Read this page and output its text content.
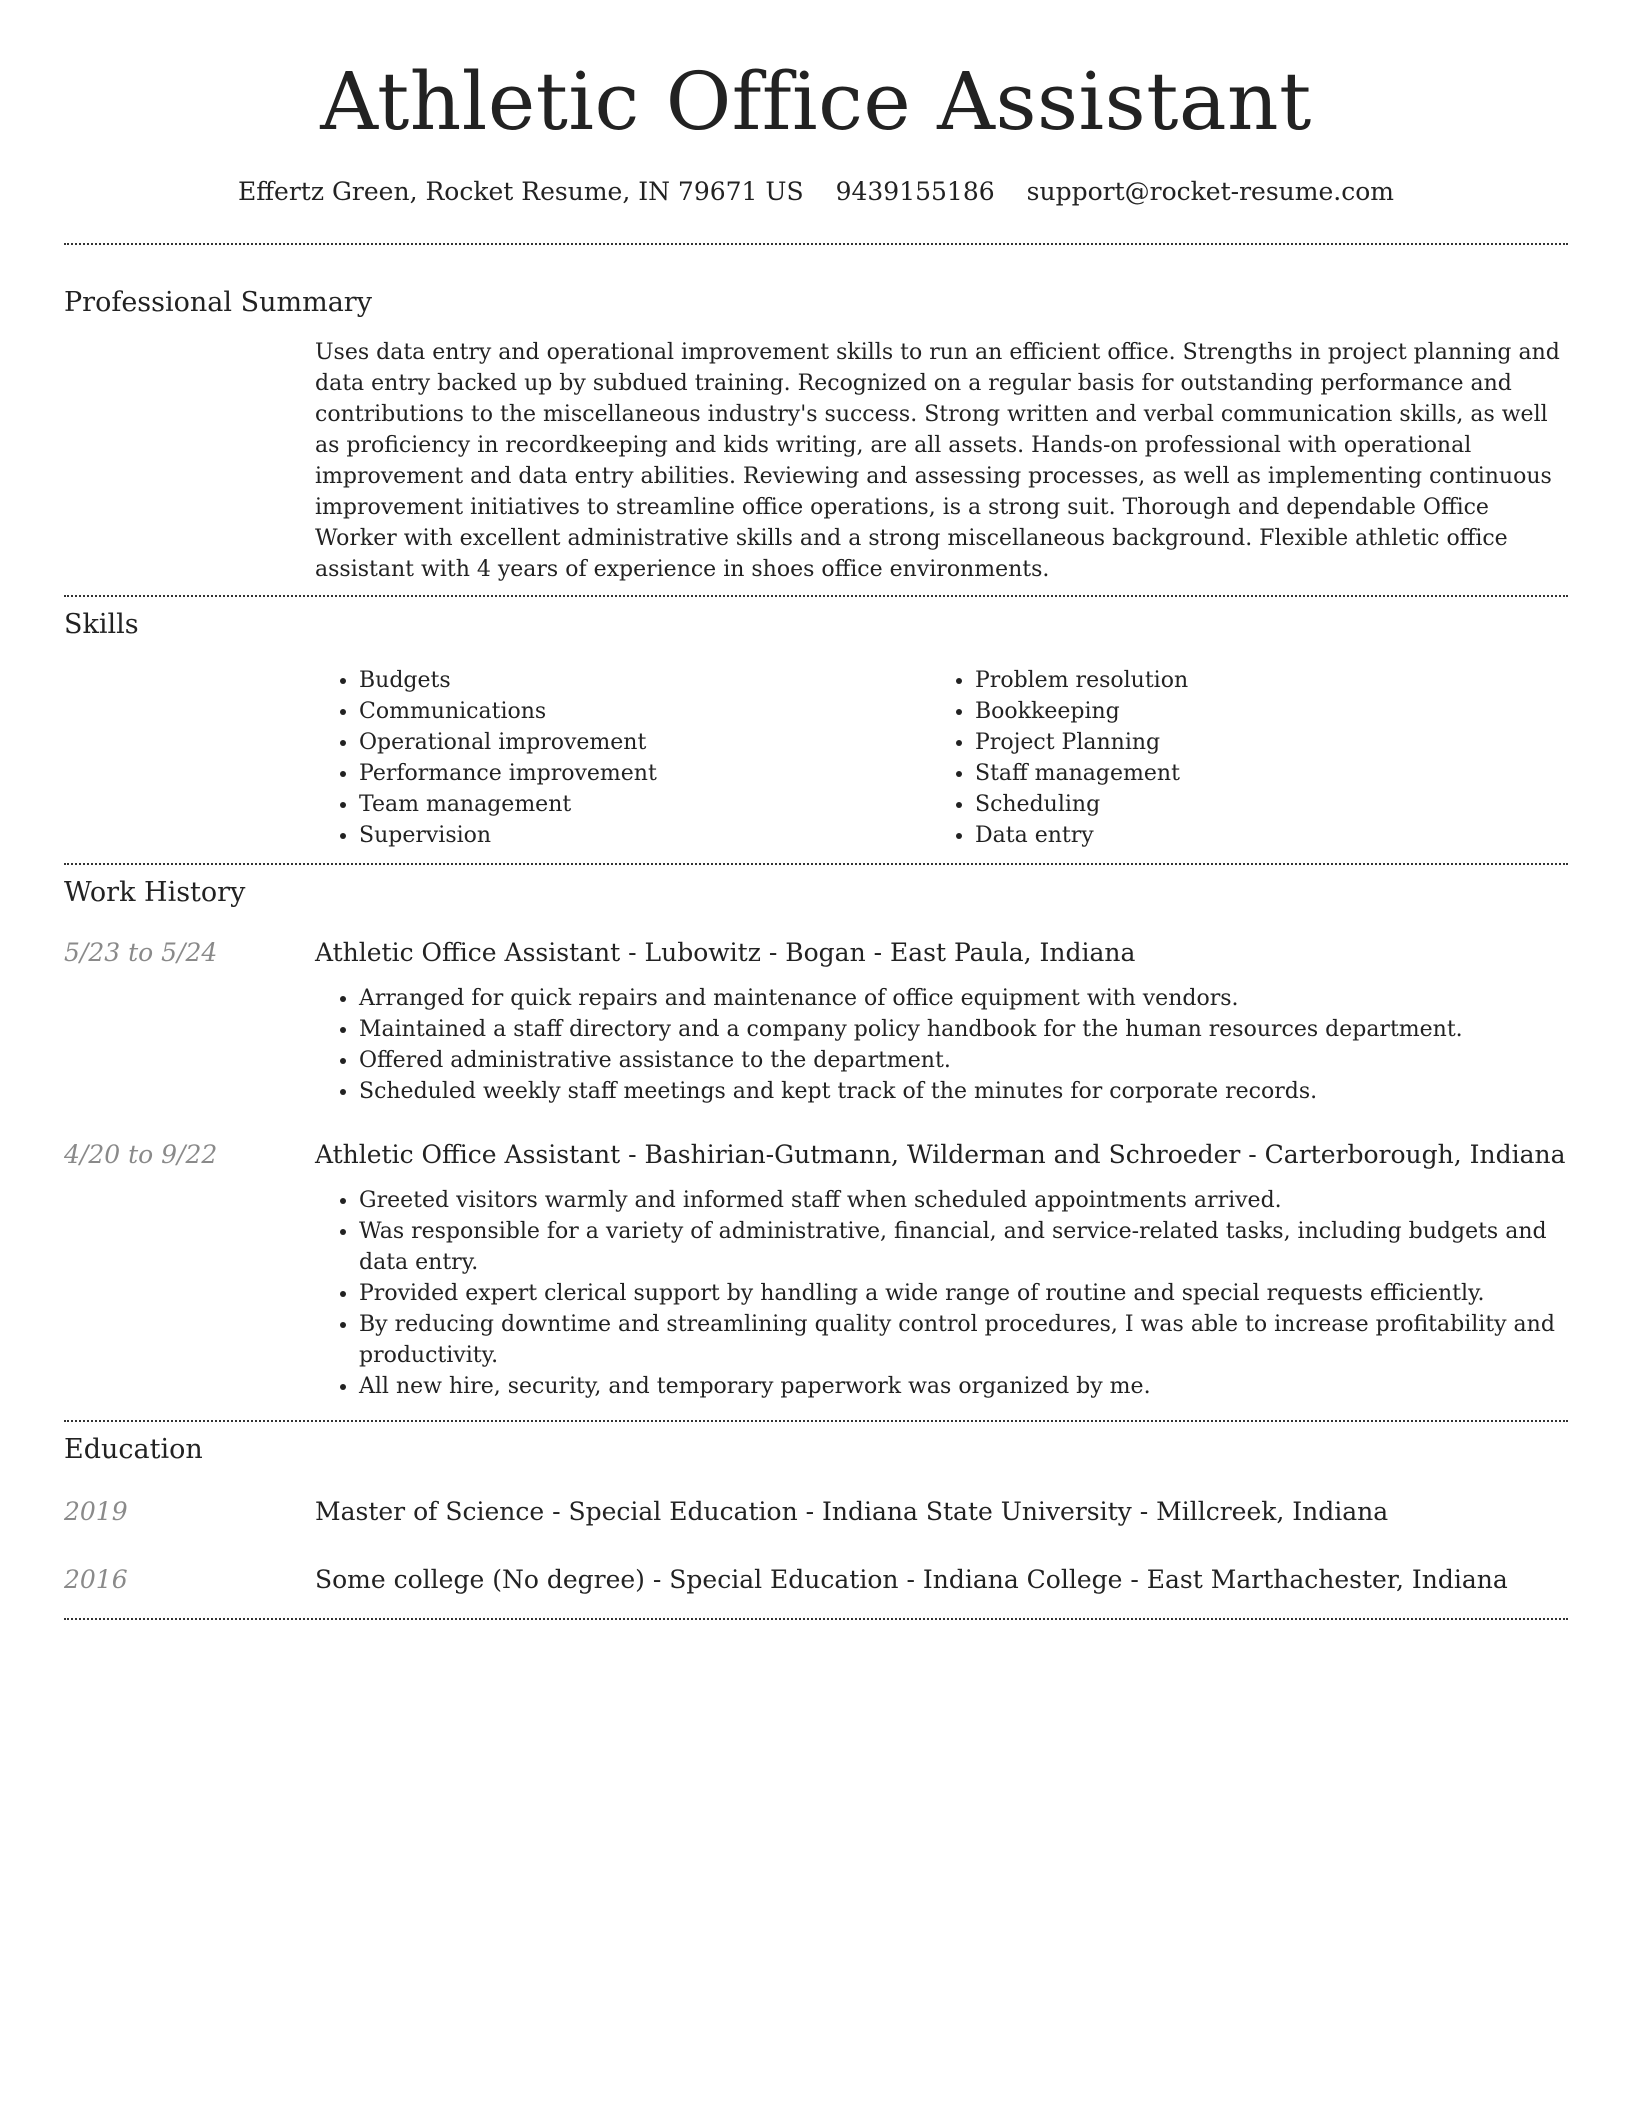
Athletic Office Assistant
Effertz Green, Rocket Resume, IN 79671 US 9439155186 support@rocket-resume.com
Professional Summary

Uses data entry and operational improvement skills to run an efficient office. Strengths in project planning and data entry backed up by subdued training. Recognized on a regular basis for outstanding performance and contributions to the miscellaneous industry's success. Strong written and verbal communication skills, as well as proficiency in recordkeeping and kids writing, are all assets. Hands-on professional with operational improvement and data entry abilities. Reviewing and assessing processes, as well as implementing continuous improvement initiatives to streamline office operations, is a strong suit. Thorough and dependable Office Worker with excellent administrative skills and a strong miscellaneous background. Flexible athletic office assistant with 4 years of experience in shoes office environments.

Skills
• Budgets
• Communications
• Operational improvement
• Performance improvement
• Team management
• Supervision
• Problem resolution
• Bookkeeping
• Project Planning
• Staff management
• Scheduling
• Data entry
Work History
5/23 to 5/24	Athletic Office Assistant - Lubowitz - Bogan - East Paula, Indiana
• Arranged for quick repairs and maintenance of office equipment with vendors.
• Maintained a staff directory and a company policy handbook for the human resources department.
• Offered administrative assistance to the department.
• Scheduled weekly staff meetings and kept track of the minutes for corporate records.
4/20 to 9/22	Athletic Office Assistant - Bashirian-Gutmann, Wilderman and Schroeder - Carterborough, Indiana
• Greeted visitors warmly and informed staff when scheduled appointments arrived.
• Was responsible for a variety of administrative, financial, and service-related tasks, including budgets and data entry.
• Provided expert clerical support by handling a wide range of routine and special requests efficiently.
• By reducing downtime and streamlining quality control procedures, I was able to increase profitability and productivity.
• All new hire, security, and temporary paperwork was organized by me.
Education
2019	Master of Science - Special Education - Indiana State University - Millcreek, Indiana
2016	Some college (No degree) - Special Education - Indiana College - East Marthachester, Indiana
